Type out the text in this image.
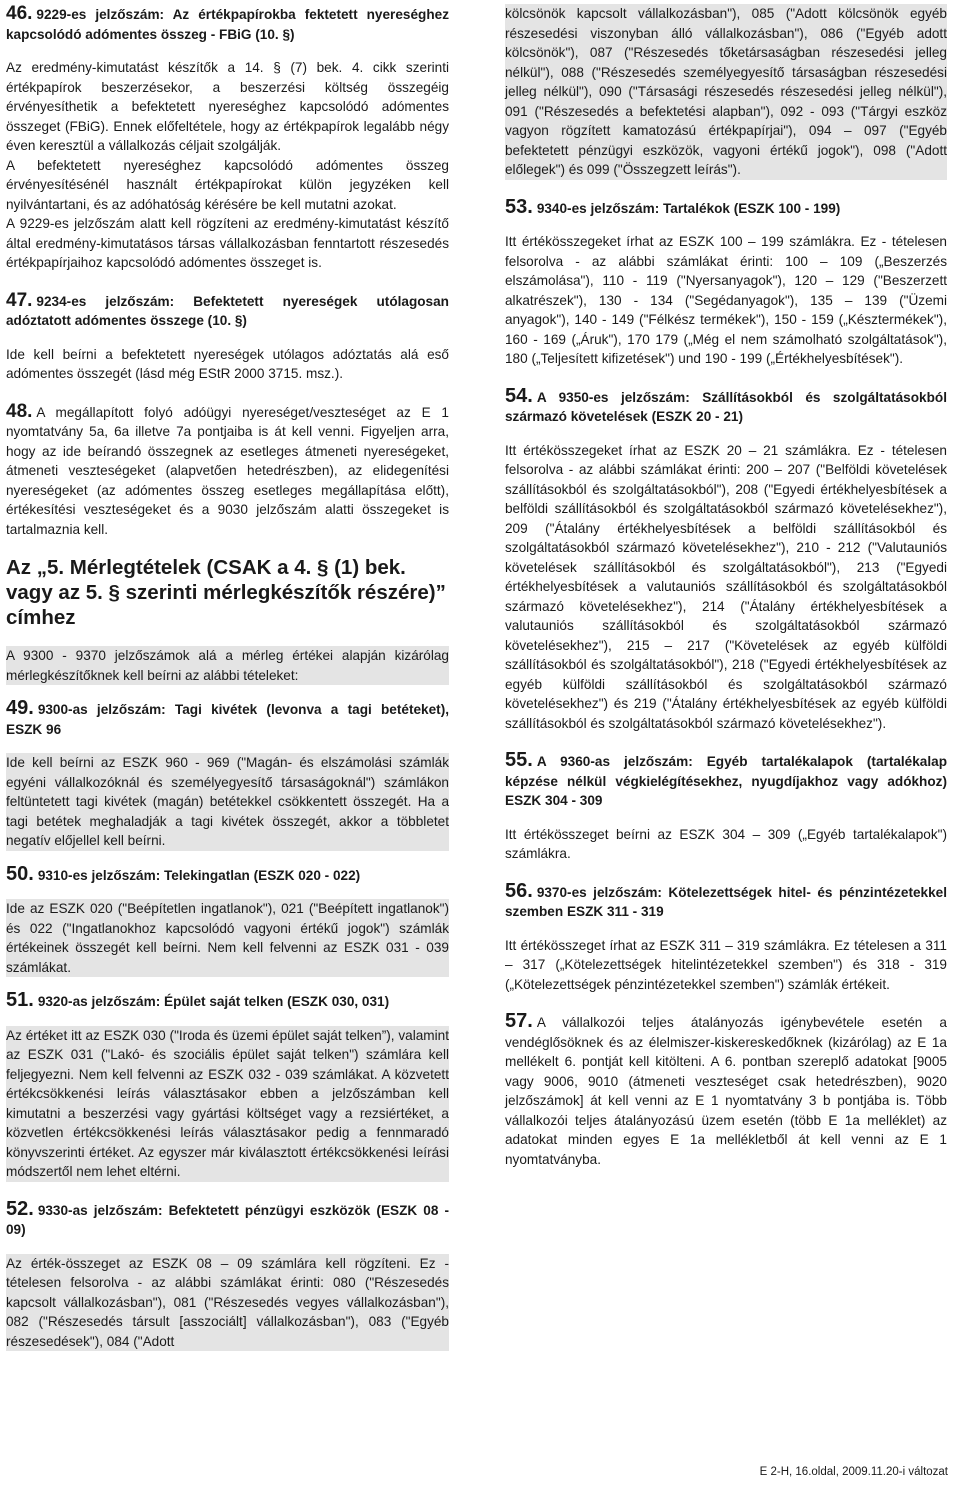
46. 9229-es jelzőszám: Az értékpapírokba fektetett nyereséghez kapcsolódó adómentes összeg - FBiG (10. §)

Az eredmény-kimutatást készítők a 14. § (7) bek. 4. cikk szerinti értékpapírok beszerzésekor, a beszerzési költség összegéig érvényesíthetik a befektetett nyereséghez kapcsolódó adómentes összeget (FBiG). Ennek előfeltétele, hogy az értékpapírok legalább négy éven keresztül a vállalkozás céljait szolgálják.

A befektetett nyereséghez kapcsolódó adómentes összeg érvényesítésénél használt értékpapírokat külön jegyzéken kell nyilvántartani, és az adóhatóság kérésére be kell mutatni azokat.

A 9229-es jelzőszám alatt kell rögzíteni az eredmény-kimutatást készítő által eredmény-kimutatásos társas vállalkozásban fenntartott részesedés értékpapírjaihoz kapcsolódó adómentes összeget is.

47. 9234-es jelzőszám: Befektetett nyereségek utólagosan adóztatott adómentes összege (10. §)

Ide kell beírni a befektetett nyereségek utólagos adóztatás alá eső adómentes összegét (lásd még EStR 2000 3715. msz.).

48. A megállapított folyó adóügyi nyereséget/veszteséget az E 1 nyomtatvány 5a, 6a illetve 7a pontjaiba is át kell venni. Figyeljen arra, hogy az ide beírandó összegnek az esetleges átmeneti nyereségeket, átmeneti veszteségeket (alapvetően hetedrészben), az elidegenítési nyereségeket (az adómentes összeg esetleges megállapítása előtt), értékesítési veszteségeket és a 9030 jelzőszám alatti összegeket is tartalmaznia kell.

Az „5. Mérlegtételek (CSAK a 4. § (1) bek. vagy az 5. § szerinti mérlegkészítők részére)” címhez

A 9300 - 9370 jelzőszámok alá a mérleg értékei alapján kizárólag mérlegkészítőknek kell beírni az alábbi tételeket:

49. 9300-as jelzőszám: Tagi kivétek (levonva a tagi betéteket), ESZK 96

Ide kell beírni az ESZK 960 - 969 ("Magán- és elszámolási számlák egyéni vállalkozóknál és személyegyesítő társaságoknál") számlákon feltüntetett tagi kivétek (magán) betétekkel csökkentett összegét. Ha a tagi betétek meghaladják a tagi kivétek összegét, akkor a többletet negatív előjellel kell beírni.

50. 9310-es jelzőszám: Telekingatlan (ESZK 020 - 022)

Ide az ESZK 020 ("Beépítetlen ingatlanok"), 021 ("Beépített ingatlanok") és 022 ("Ingatlanokhoz kapcsolódó vagyoni értékű jogok") számlák értékeinek összegét kell beírni. Nem kell felvenni az ESZK 031 - 039 számlákat.

51. 9320-as jelzőszám: Épület saját telken (ESZK 030, 031)

Az értéket itt az ESZK 030 ("Iroda és üzemi épület saját telken”), valamint az ESZK 031 ("Lakó- és szociális épület saját telken") számlára kell feljegyezni. Nem kell felvenni az ESZK 032 - 039 számlákat. A közvetett értékcsökkenési leírás választásakor ebben a jelzőszámban kell kimutatni a beszerzési vagy gyártási költséget vagy a rezsiértéket, a közvetlen értékcsökkenési leírás választásakor pedig a fennmaradó könyvszerinti értéket. Az egyszer már kiválasztott értékcsökkenési leírási módszertől nem lehet eltérni.

52. 9330-as jelzőszám: Befektetett pénzügyi eszközök (ESZK 08 - 09)

Az érték-összeget az ESZK 08 – 09 számlára kell rögzíteni. Ez - tételesen felsorolva - az alábbi számlákat érinti: 080 ("Részesedés kapcsolt vállalkozásban"), 081 ("Részesedés vegyes vállalkozásban"), 082 ("Részesedés társult [asszociált] vállalkozásban"), 083 ("Egyéb részesedések"), 084 ("Adott

kölcsönök kapcsolt vállalkozásban"), 085 ("Adott kölcsönök egyéb részesedési viszonyban álló vállalkozásban"), 086 ("Egyéb adott kölcsönök"), 087 ("Részesedés tőketársaságban részesedési jelleg nélkül"), 088 ("Részesedés személyegyesítő társaságban részesedési jelleg nélkül"), 090 ("Társasági részesedés részesedési jelleg nélkül"), 091 ("Részesedés a befektetési alapban"), 092 - 093 ("Tárgyi eszköz vagyon rögzített kamatozású értékpapírjai"), 094 – 097 ("Egyéb befektetett pénzügyi eszközök, vagyoni értékű jogok"), 098 ("Adott előlegek") és 099 ("Összegzett leírás").

53. 9340-es jelzőszám: Tartalékok (ESZK 100 - 199)

Itt értékösszegeket írhat az ESZK 100 – 199 számlákra. Ez - tételesen felsorolva - az alábbi számlákat érinti: 100 – 109 („Beszerzés elszámolása"), 110 - 119 ("Nyersanyagok"), 120 – 129 ("Beszerzett alkatrészek"), 130 - 134 ("Segédanyagok"), 135 – 139 ("Üzemi anyagok"), 140 - 149 ("Félkész termékek"), 150 - 159 („Késztermékek"), 160 - 169 („Áruk"), 170 179 („Még el nem számolható szolgáltatások"), 180 („Teljesített kifizetések") und 190 - 199 („Értékhelyesbítések").

54. A 9350-es jelzőszám: Szállításokból és szolgáltatásokból származó követelések (ESZK 20 - 21)

Itt értékösszegeket írhat az ESZK 20 – 21 számlákra. Ez - tételesen felsorolva - az alábbi számlákat érinti: 200 – 207 ("Belföldi követelések szállításokból és szolgáltatásokból"), 208 ("Egyedi értékhelyesbítések a belföldi szállításokból és szolgáltatásokból származó követelésekhez"), 209 ("Átalány értékhelyesbítések a belföldi szállításokból és szolgáltatásokból származó követelésekhez"), 210 - 212 ("Valutauniós követelések szállításokból és szolgáltatásokból"), 213 ("Egyedi értékhelyesbítések a valutauniós szállításokból és szolgáltatásokból származó követelésekhez"), 214 ("Átalány értékhelyesbítések a valutauniós szállításokból és szolgáltatásokból származó követelésekhez"), 215 – 217 ("Követelések az egyéb külföldi szállításokból és szolgáltatásokból"), 218 ("Egyedi értékhelyesbítések az egyéb külföldi szállításokból és szolgáltatásokból származó követelésekhez") és 219 ("Átalány értékhelyesbítések az egyéb külföldi szállításokból és szolgáltatásokból származó követelésekhez").

55. A 9360-as jelzőszám: Egyéb tartalékalapok (tartalékalap képzése nélkül végkielégítésekhez, nyugdíjakhoz vagy adókhoz) ESZK 304 - 309

Itt értékösszeget beírni az ESZK 304 – 309 („Egyéb tartalékalapok") számlákra.

56. 9370-es jelzőszám: Kötelezettségek hitel- és pénzintézetekkel szemben ESZK 311 - 319

Itt értékösszeget írhat az ESZK 311 – 319 számlákra. Ez tételesen a 311 – 317 („Kötelezettségek hitelintézetekkel szemben") és 318 - 319 („Kötelezettségek pénzintézetekkel szemben") számlák értékeit.

57. A vállalkozói teljes átalányozás igénybevétele esetén a vendéglősöknek és az élelmiszer-kiskereskedőknek (kizárólag) az E 1a mellékelt 6. pontját kell kitölteni. A 6. pontban szereplő adatokat [9005 vagy 9006, 9010 (átmeneti veszteséget csak hetedrészben), 9020 jelzőszámok] át kell venni az E 1 nyomtatvány 3 b pontjába is. Több vállalkozói teljes átalányozású üzem esetén (több E 1a melléklet) az adatokat minden egyes E 1a mellékletből át kell venni az E 1 nyomtatványba.

E 2-H, 16.oldal, 2009.11.20-i változat
